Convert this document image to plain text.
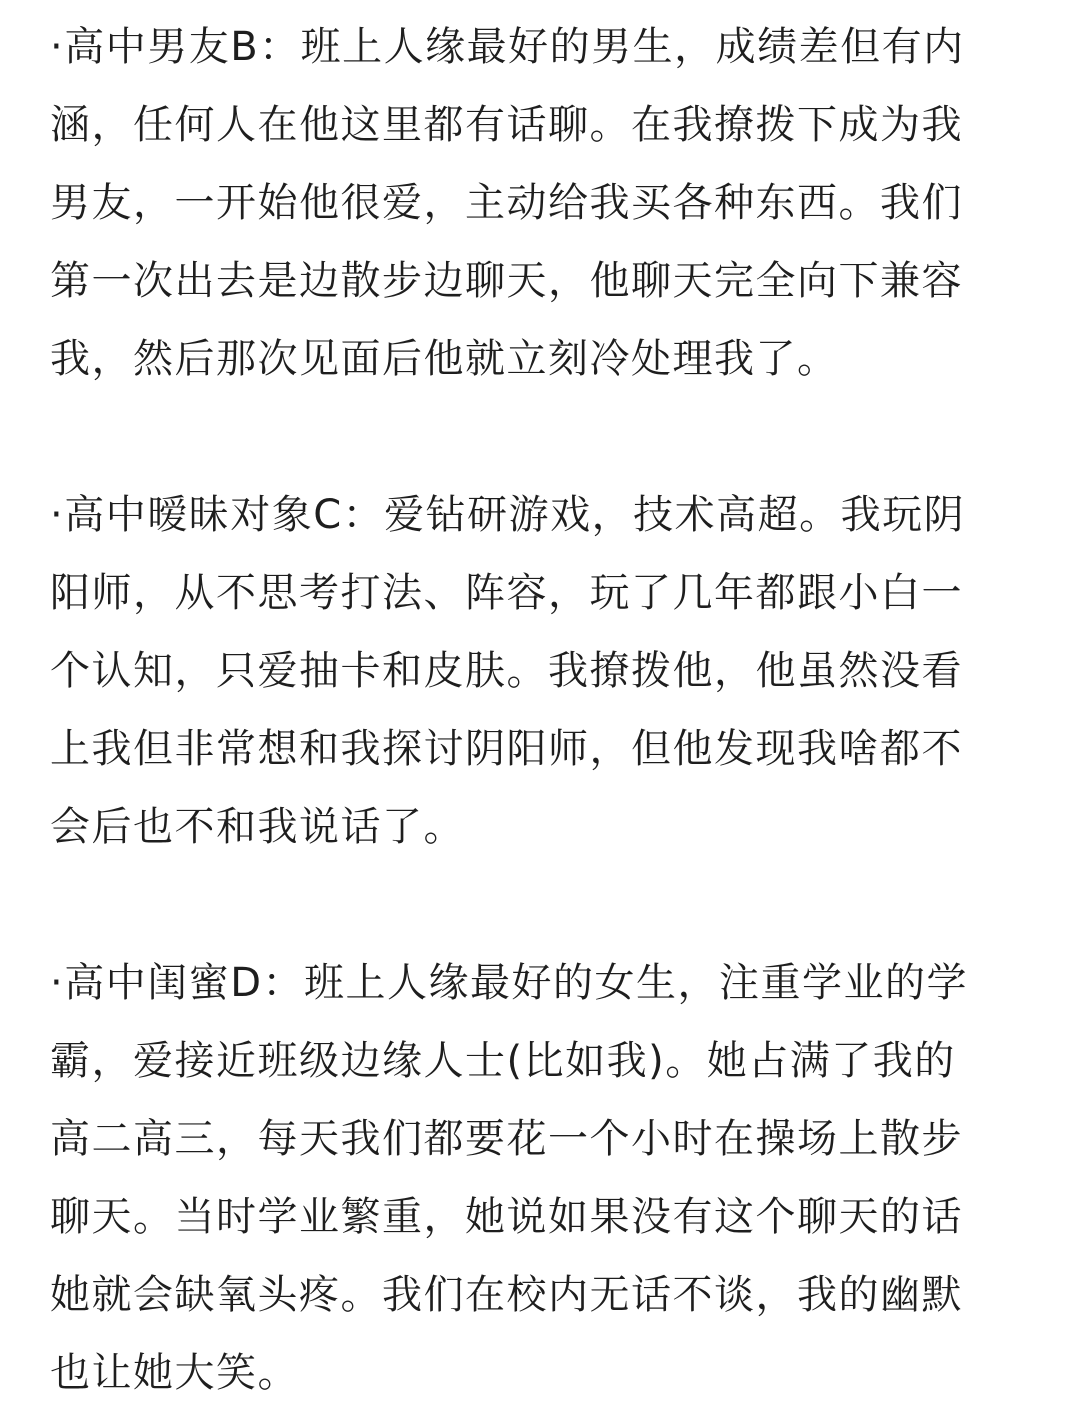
·高中男友B：班上人缘最好的男生，成绩差但有内
涵，任何人在他这里都有话聊。在我撩拨下成为我
男友，一开始他很爱，主动给我买各种东西。我们
第一次出去是边散步边聊天，他聊天完全向下兼容
我，然后那次见面后他就立刻冷处理我了。

·高中暧昧对象C：爱钻研游戏，技术高超。我玩阴
阳师，从不思考打法、阵容，玩了几年都跟小白一
个认知，只爱抽卡和皮肤。我撩拨他，他虽然没看
上我但非常想和我探讨阴阳师，但他发现我啥都不
会后也不和我说话了。

·高中闺蜜D：班上人缘最好的女生，注重学业的学
霸，爱接近班级边缘人士(比如我)。她占满了我的
高二高三，每天我们都要花一个小时在操场上散步
聊天。当时学业繁重，她说如果没有这个聊天的话
她就会缺氧头疼。我们在校内无话不谈，我的幽默
也让她大笑。
